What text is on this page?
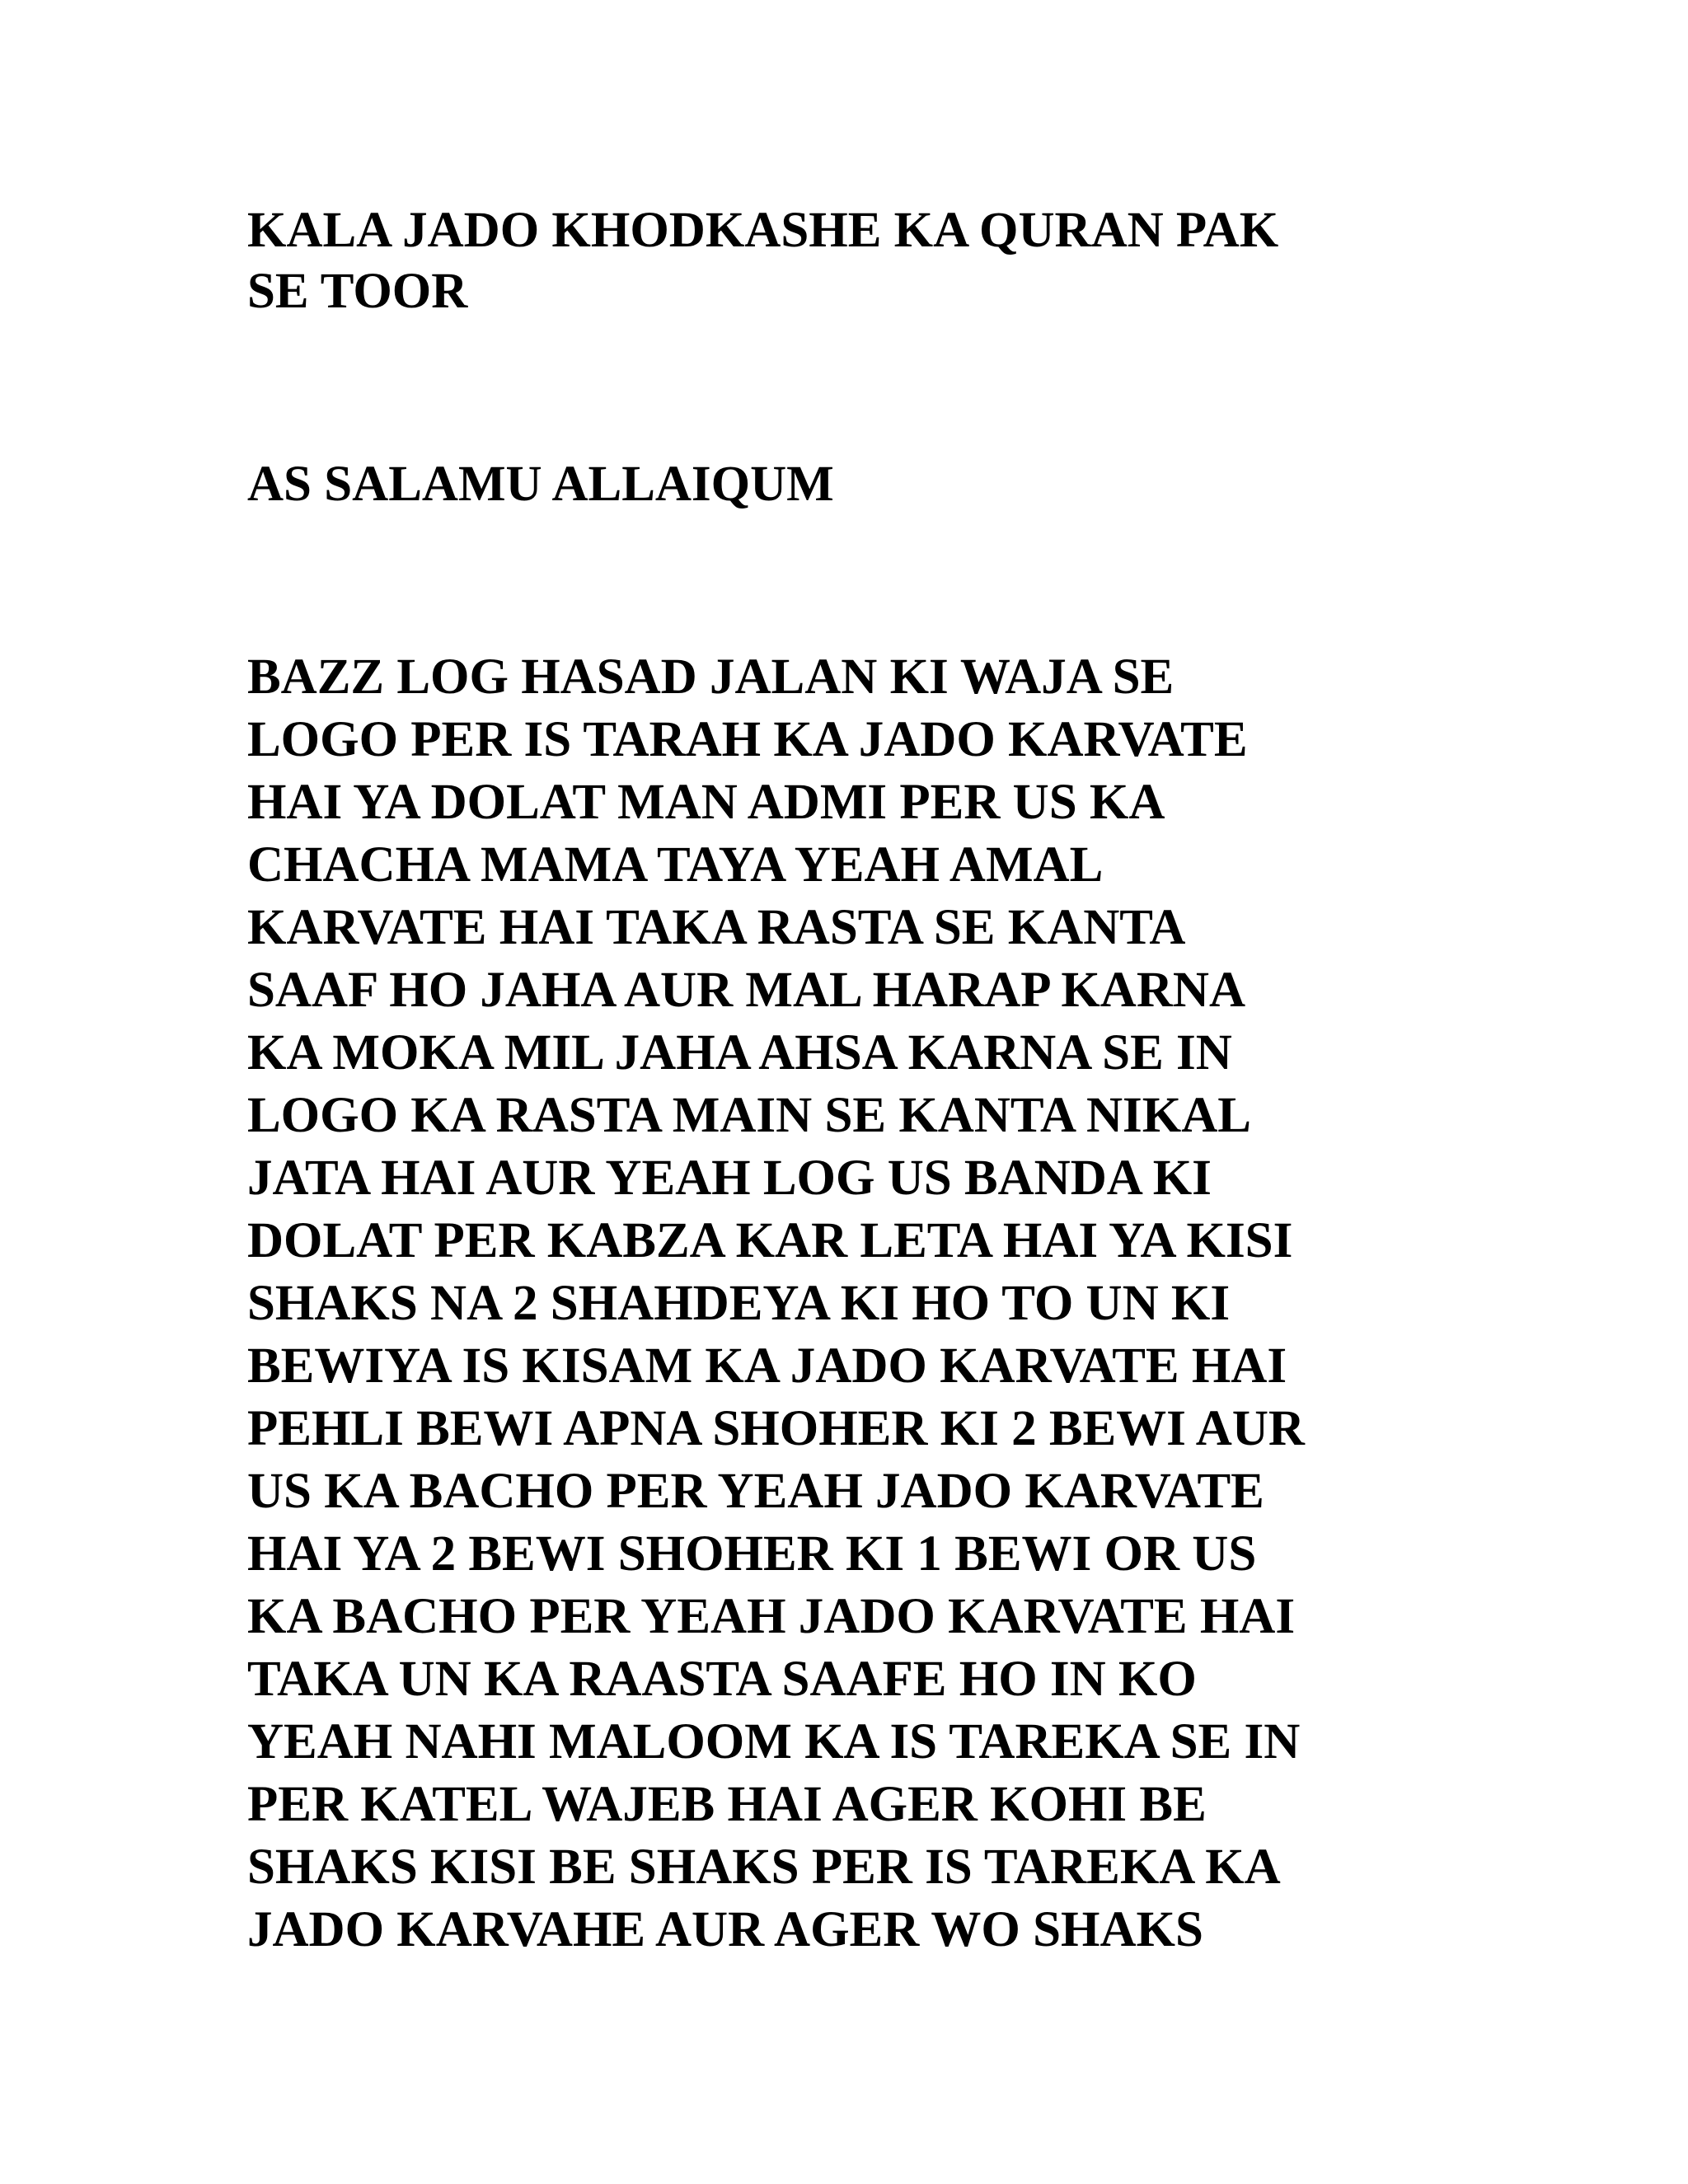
KALA JADO KHODKASHE KA QURAN PAK
SE TOOR
AS SALAMU ALLAIQUM
BAZZ LOG HASAD JALAN KI WAJA SE
LOGO PER IS TARAH KA JADO KARVATE
HAI YA DOLAT MAN ADMI PER US KA
CHACHA MAMA TAYA YEAH AMAL
KARVATE HAI TAKA RASTA SE KANTA
SAAF HO JAHA AUR MAL HARAP KARNA
KA MOKA MIL JAHA AHSA KARNA SE IN
LOGO KA RASTA MAIN SE KANTA NIKAL
JATA HAI AUR YEAH LOG US BANDA KI
DOLAT PER KABZA KAR LETA HAI YA KISI
SHAKS NA 2 SHAHDEYA KI HO TO UN KI
BEWIYA IS KISAM KA JADO KARVATE HAI
PEHLI BEWI APNA SHOHER KI 2 BEWI AUR
US KA BACHO PER YEAH JADO KARVATE
HAI YA 2 BEWI SHOHER KI 1 BEWI OR US
KA BACHO PER YEAH JADO KARVATE HAI
TAKA UN KA RAASTA SAAFE HO IN KO
YEAH NAHI MALOOM KA IS TAREKA SE IN
PER KATEL WAJEB HAI AGER KOHI BE
SHAKS KISI BE SHAKS PER IS TAREKA KA
JADO KARVAHE AUR AGER WO SHAKS
